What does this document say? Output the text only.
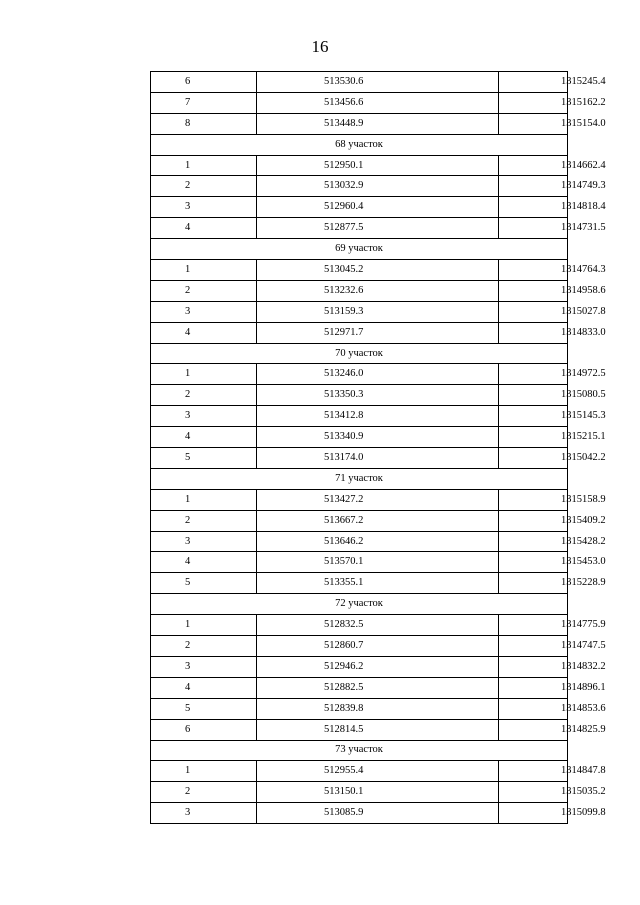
16
6	513530.6	1315245.4
7	513456.6	1315162.2
8	513448.9	1315154.0
68 участок		
1	512950.1	1314662.4
2	513032.9	1314749.3
3	512960.4	1314818.4
4	512877.5	1314731.5
69 участок		
1	513045.2	1314764.3
2	513232.6	1314958.6
3	513159.3	1315027.8
4	512971.7	1314833.0
70 участок		
1	513246.0	1314972.5
2	513350.3	1315080.5
3	513412.8	1315145.3
4	513340.9	1315215.1
5	513174.0	1315042.2
71 участок		
1	513427.2	1315158.9
2	513667.2	1315409.2
3	513646.2	1315428.2
4	513570.1	1315453.0
5	513355.1	1315228.9
72 участок		
1	512832.5	1314775.9
2	512860.7	1314747.5
3	512946.2	1314832.2
4	512882.5	1314896.1
5	512839.8	1314853.6
6	512814.5	1314825.9
73 участок		
1	512955.4	1314847.8
2	513150.1	1315035.2
3	513085.9	1315099.8
